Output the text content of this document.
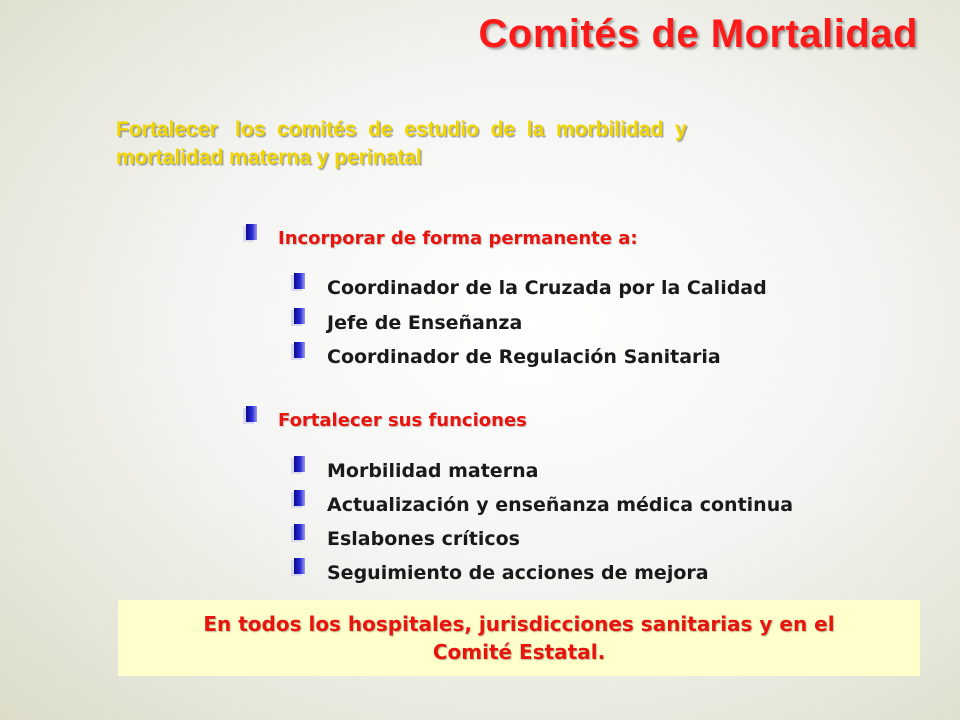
Comités de Mortalidad

Fortalecer   los  comités  de  estudio  de  la  morbilidad  y
mortalidad materna y perinatal

Incorporar de forma permanente a:
Coordinador de la Cruzada por la Calidad
Jefe de Enseñanza
Coordinador de Regulación Sanitaria
Fortalecer sus funciones
Morbilidad materna
Actualización y enseñanza médica continua
Eslabones críticos
Seguimiento de acciones de mejora
En todos los hospitales, jurisdicciones sanitarias y en el
Comité Estatal.
